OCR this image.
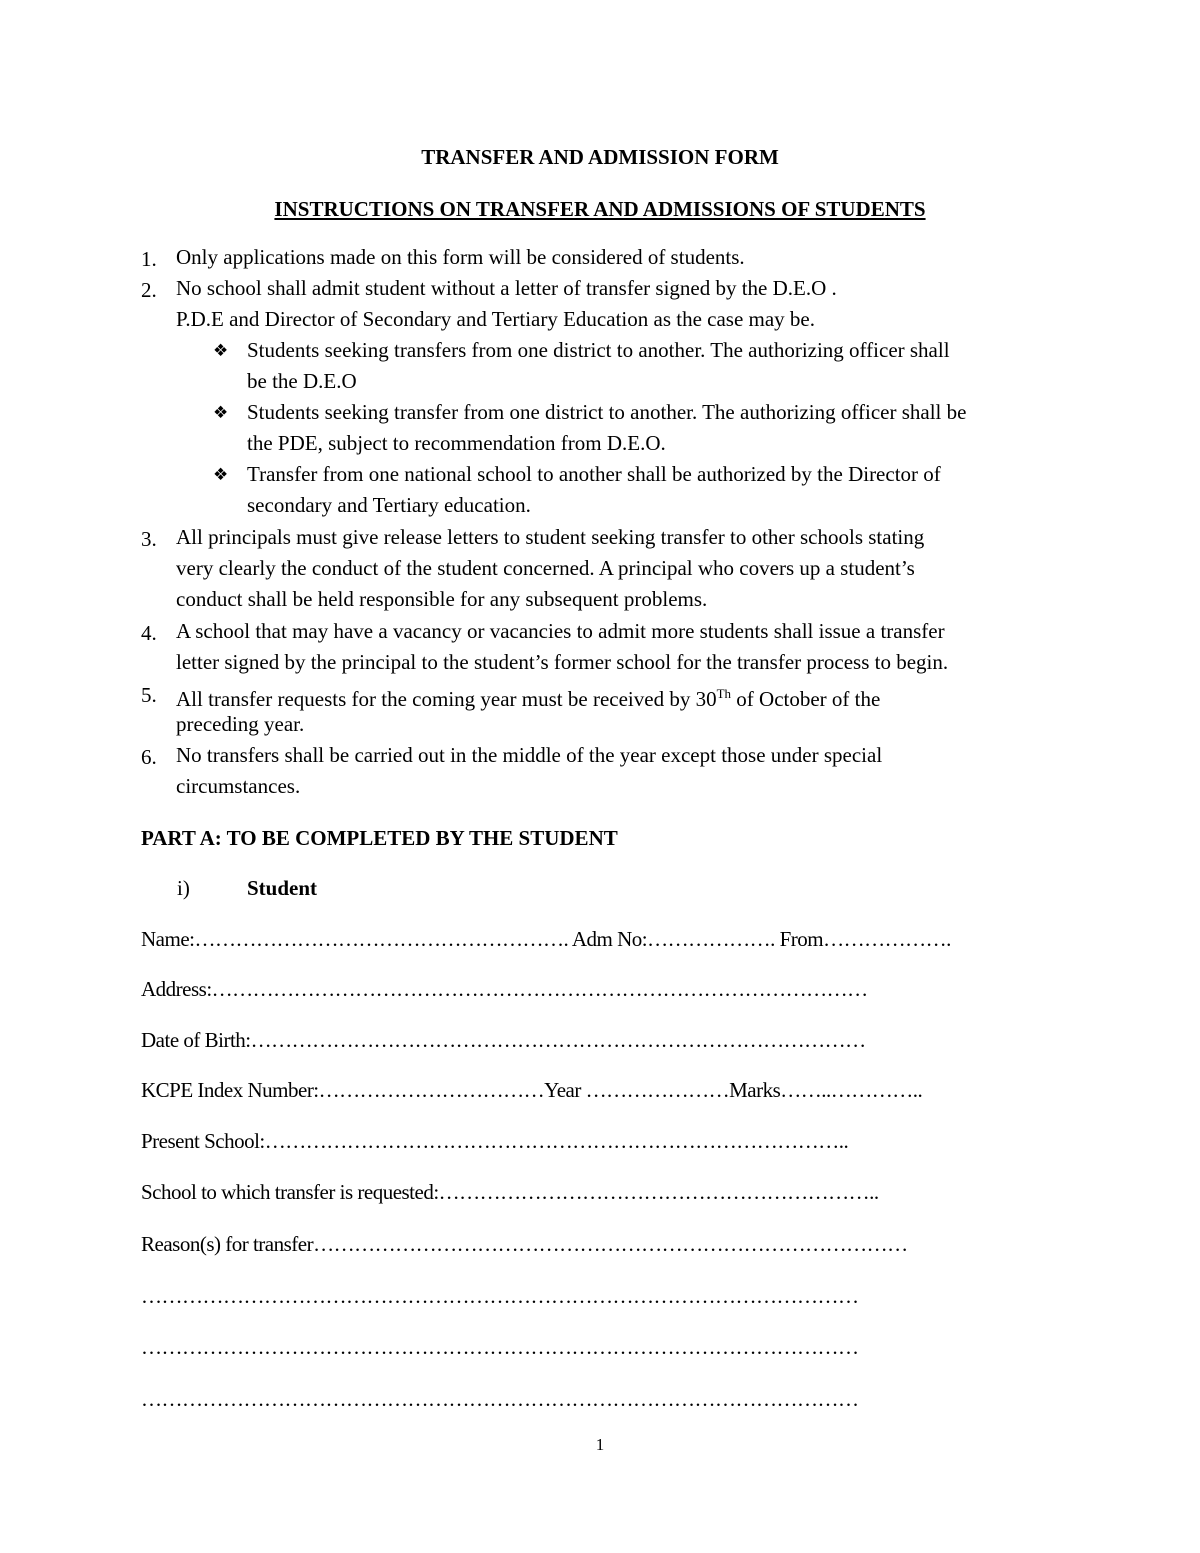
TRANSFER AND ADMISSION FORM
INSTRUCTIONS ON TRANSFER AND ADMISSIONS OF STUDENTS
1. Only applications made on this form will be considered of students.
2. No school shall admit student without a letter of transfer signed by the D.E.O .
P.D.E and Director of Secondary and Tertiary Education as the case may be.
❖ Students seeking transfers from one district to another. The authorizing officer shall
be the D.E.O
❖ Students seeking transfer from one district to another. The authorizing officer shall be
the PDE, subject to recommendation from D.E.O.
❖ Transfer from one national school to another shall be authorized by the Director of
secondary and Tertiary education.
3. All principals must give release letters to student seeking transfer to other schools stating
very clearly the conduct of the student concerned. A principal who covers up a student’s
conduct shall be held responsible for any subsequent problems.
4. A school that may have a vacancy or vacancies to admit more students shall issue a transfer
letter signed by the principal to the student’s former school for the transfer process to begin.
5. All transfer requests for the coming year must be received by 30Th of October of the
preceding year.
6. No transfers shall be carried out in the middle of the year except those under special
circumstances.
PART A: TO BE COMPLETED BY THE STUDENT
i)	Student
Name:………………………………………………. Adm No:………………. From……………….
Address:……………………………………………………………………………………
Date of Birth:………………………………………………………………………………
KCPE Index Number:……………………………Year …………………Marks……..…………..
Present School:…………………………………………………………………………..
School to which transfer is requested:………………………………………………………..
Reason(s) for transfer……………………………………………………………………………
……………………………………………………………………………………………
……………………………………………………………………………………………
……………………………………………………………………………………………
1
